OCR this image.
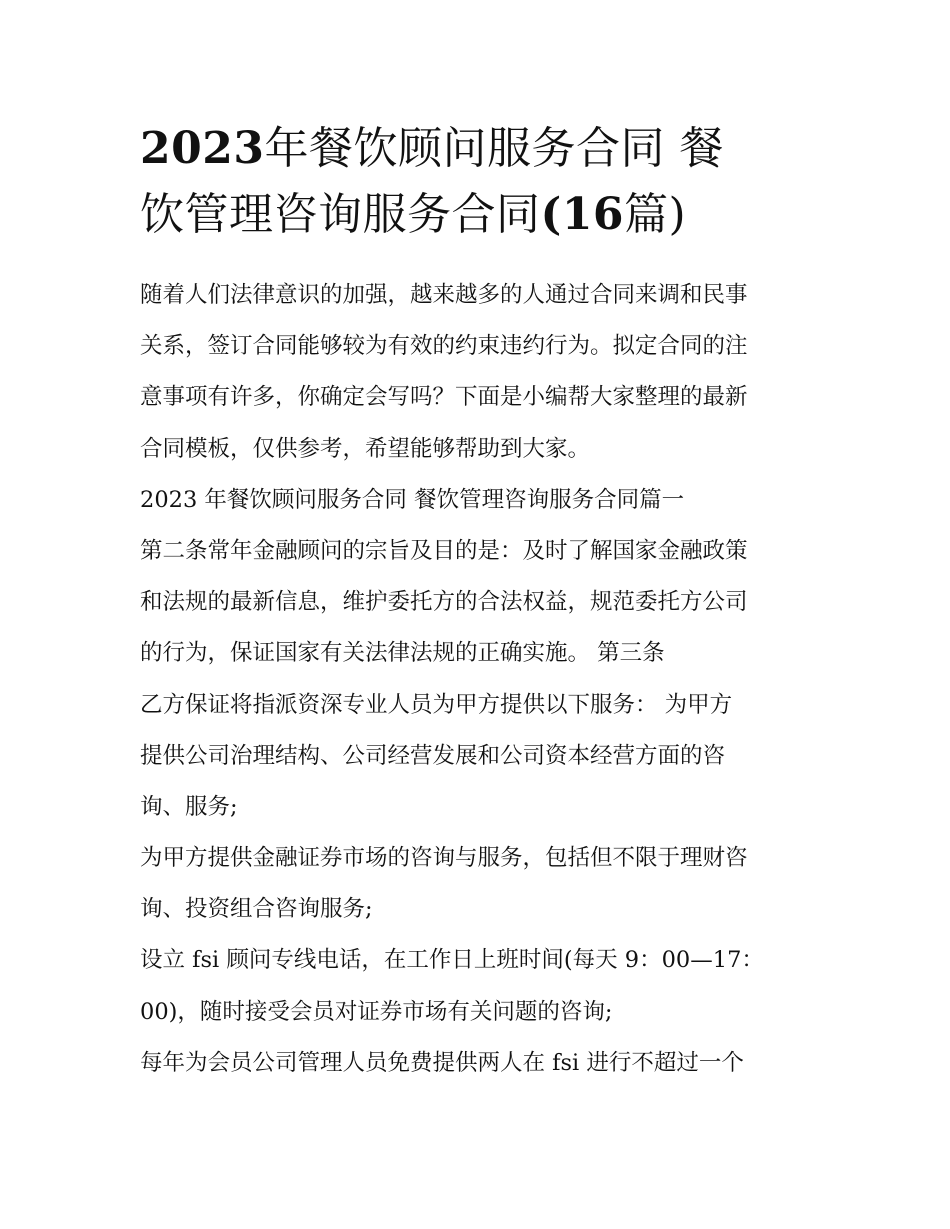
2023年餐饮顾问服务合同 餐
饮管理咨询服务合同(16篇)
随着人们法律意识的加强，越来越多的人通过合同来调和民事
关系，签订合同能够较为有效的约束违约行为。拟定合同的注
意事项有许多，你确定会写吗？下面是小编帮大家整理的最新
合同模板，仅供参考，希望能够帮助到大家。
2023 年餐饮顾问服务合同 餐饮管理咨询服务合同篇一
第二条常年金融顾问的宗旨及目的是：及时了解国家金融政策
和法规的最新信息，维护委托方的合法权益，规范委托方公司
的行为，保证国家有关法律法规的正确实施。 第三条
乙方保证将指派资深专业人员为甲方提供以下服务： 为甲方
提供公司治理结构、公司经营发展和公司资本经营方面的咨
询、服务;
为甲方提供金融证券市场的咨询与服务，包括但不限于理财咨
询、投资组合咨询服务;
设立 fsi 顾问专线电话，在工作日上班时间(每天 9：00—17：
00)，随时接受会员对证券市场有关问题的咨询;
每年为会员公司管理人员免费提供两人在 fsi 进行不超过一个
